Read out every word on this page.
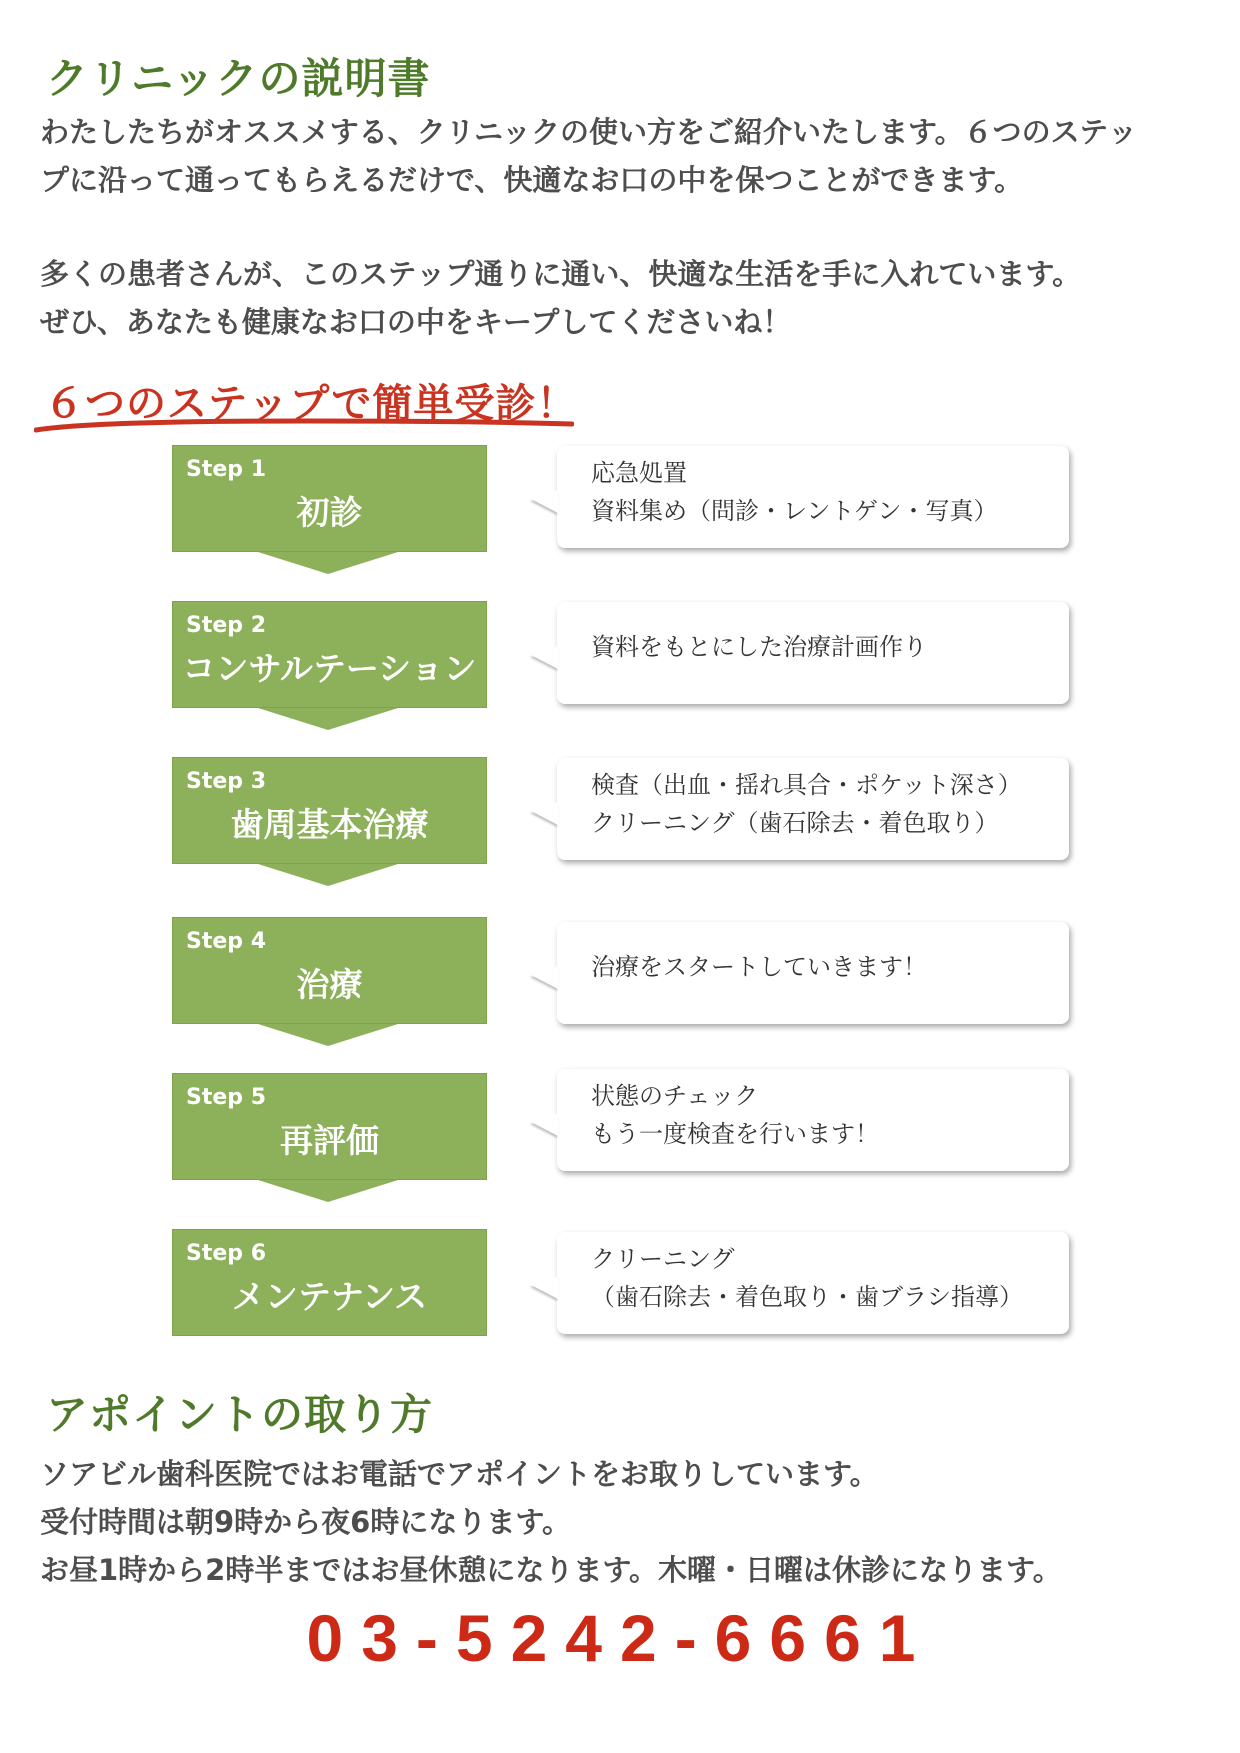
クリニックの説明書

わたしたちがオススメする、クリニックの使い方をご紹介いたします。６つのステッ
プに沿って通ってもらえるだけで、快適なお口の中を保つことができます。

多くの患者さんが、このステップ通りに通い、快適な生活を手に入れています。
ぜひ、あなたも健康なお口の中をキープしてくださいね！

６つのステップで簡単受診！
Step 1
初診
応急処置
資料集め（問診・レントゲン・写真）
Step 2
コンサルテーション
資料をもとにした治療計画作り
Step 3
歯周基本治療
検査（出血・揺れ具合・ポケット深さ）
クリーニング（歯石除去・着色取り）
Step 4
治療	治療をスタートしていきます！
Step 5
再評価
状態のチェック
もう一度検査を行います！
Step 6
メンテナンス
クリーニング
（歯石除去・着色取り・歯ブラシ指導）
アポイントの取り方

ソアビル歯科医院ではお電話でアポイントをお取りしています。
受付時間は朝9時から夜6時になります。
お昼1時から2時半まではお昼休憩になります。木曜・日曜は休診になります。

03-5242-6661
